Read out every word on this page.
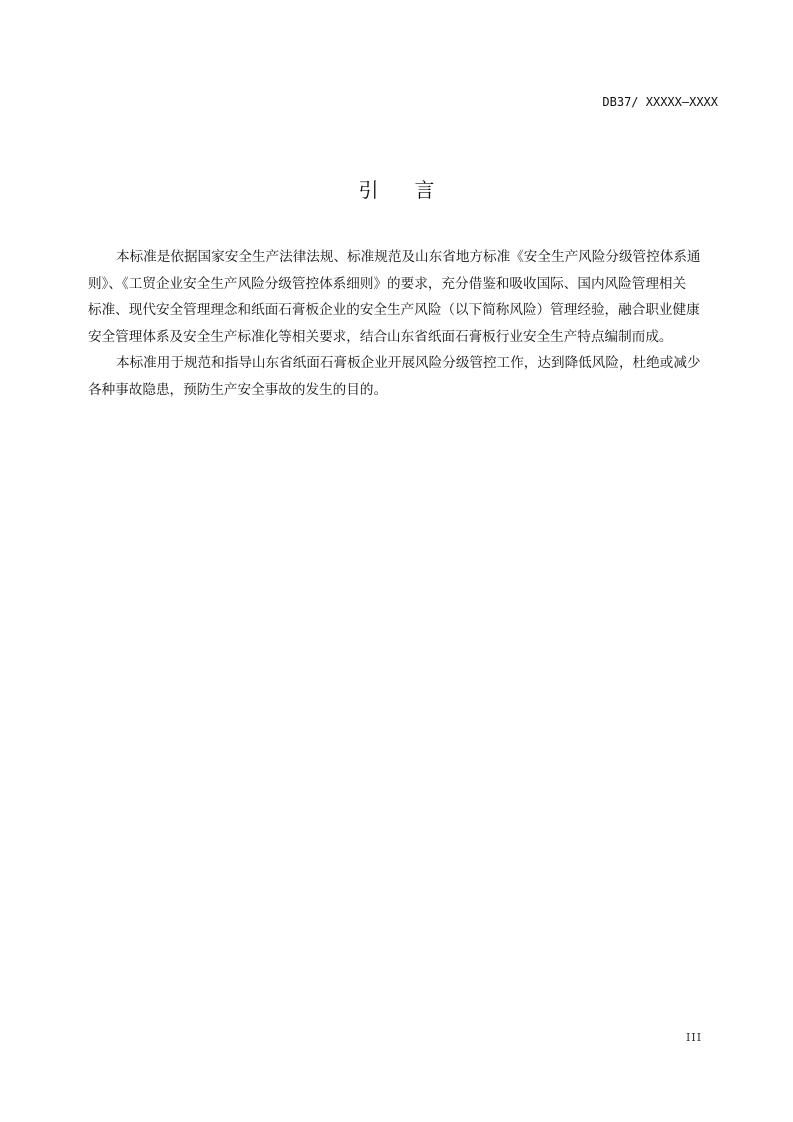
DB37/ XXXXX—XXXX
引 言
本标准是依据国家安全生产法律法规、标准规范及山东省地方标准《安全生产风险分级管控体系通
则》、《工贸企业安全生产风险分级管控体系细则》的要求，充分借鉴和吸收国际、国内风险管理相关
标准、现代安全管理理念和纸面石膏板企业的安全生产风险（以下简称风险）管理经验，融合职业健康
安全管理体系及安全生产标准化等相关要求，结合山东省纸面石膏板行业安全生产特点编制而成。
本标准用于规范和指导山东省纸面石膏板企业开展风险分级管控工作，达到降低风险，杜绝或减少
各种事故隐患，预防生产安全事故的发生的目的。
III
